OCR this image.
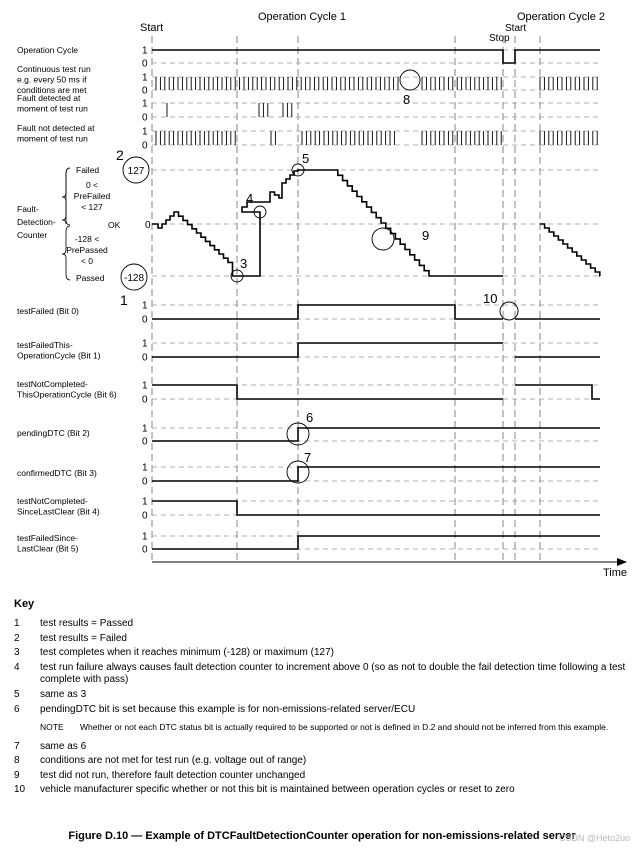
Start
Operation Cycle 1	Operation Cycle 2
Stop
Start
Operation Cycle	1
0
Continuous test run
e.g. every 50 ms if
conditions are met
1
0
Fault detected at
moment of test run	1
0
Fault not detected at
moment of test run
1
0
testFailed (Bit 0)	1
0
testFailedThis-
OperationCycle (Bit 1)
1
0
testNotCompleted-
ThisOperationCycle (Bit 6)
1
0
pendingDTC (Bit 2)	1
0
confirmedDTC (Bit 3)	1
0
testNotCompleted-
SinceLastClear (Bit 4)
1
0
testFailedSince-
LastClear (Bit 5)
1
0
Fault-
Detection-
Counter
Failed
0 <
PreFailed
< 127
OK
-128 <
PrePassed
< 0
Passed
127
0
-128
1
2
3
4
5
6
7
8
9
10
Time
Key
1	test results = Passed
2	test results = Failed
3	test completes when it reaches minimum (-128) or maximum (127)
4	test run failure always causes fault detection counter to increment above 0 (so as not to double the fail detection time following a test complete with pass)
5	same as 3
6	pendingDTC bit is set because this example is for non-emissions-related server/ECU
NOTE	Whether or not each DTC status bit is actually required to be supported or not is defined in D.2 and should not be inferred from this example.
7	same as 6
8	conditions are not met for test run (e.g. voltage out of range)
9	test did not run, therefore fault detection counter unchanged
10	vehicle manufacturer specific whether or not this bit is maintained between operation cycles or reset to zero
Figure D.10 — Example of DTCFaultDetectionCounter operation for non-emissions-related server
CSDN @Heto2uo
